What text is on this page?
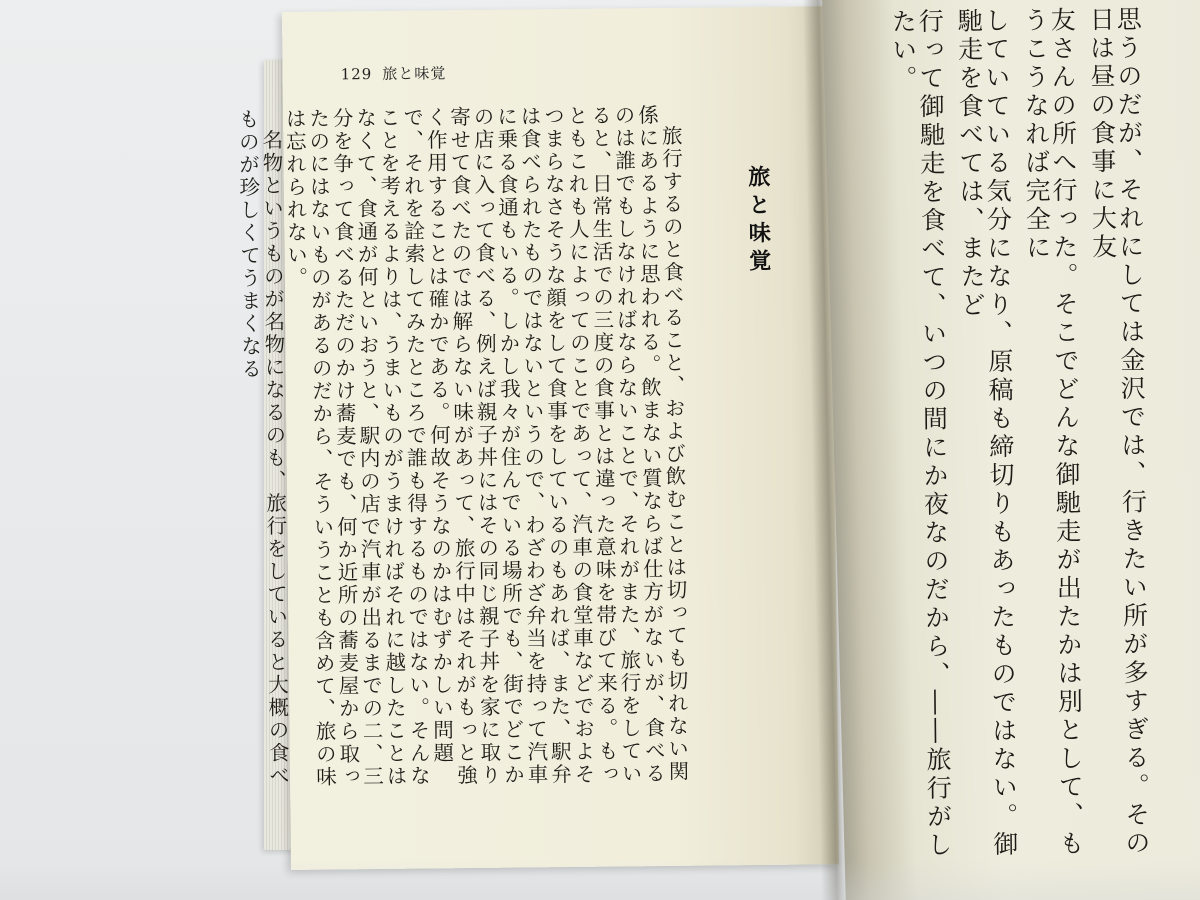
129 旅と味覚
旅と味覚

旅行するのと食べること、および飲むことは切っても切れない関係にあるように思われる。飲まない質ならば仕方がないが、食べるのは誰でもしなければならないことで、それがまた、旅行をしていると、日常生活での三度の食事とは違った意味を帯びて来る。もっともこれも人によってのことであって、汽車の食堂車などでおよそつまらなさそうな顔をして食事をしているのもあれば、また、駅弁は食べられたものではないというので、わざわざ弁当を持って汽車に乗る食通もいる。しかし我々が住んでいる場所でも、街でどこかの店に入って食べる、例えば親子丼にはその同じ親子丼を家に取り寄せて食べたのでは解らない味があって、旅行中はそれがもっと強く作用することは確かである。何故そうなのかはむずかしい問題で、それを詮索してみたところで誰も得するものではない。そんなことを考えるよりは、うまいものがうまければそれに越したことはなくて、食通が何といおうと、駅内の店で汽車が出るまでの二、三分を争って食べるただのかけ蕎麦でも、何か近所の蕎麦屋から取ったのにはないものがあるのだから、そういうことも含めて、旅の味は忘れられない。

名物というものが名物になるのも、旅行をしていると大概の食べものが珍しくてうまくなる	思うのだが、それにしては金沢では、行きたい所が多すぎる。その日は昼の食事に大友
友さんの所へ行った。そこでどんな御馳走が出たかは別として、もうこうなれば完全に
していている気分になり、原稿も締切りもあったものではない。御馳走を食べては、またど
行って御馳走を食べて、いつの間にか夜なのだから、――旅行がしたい。
